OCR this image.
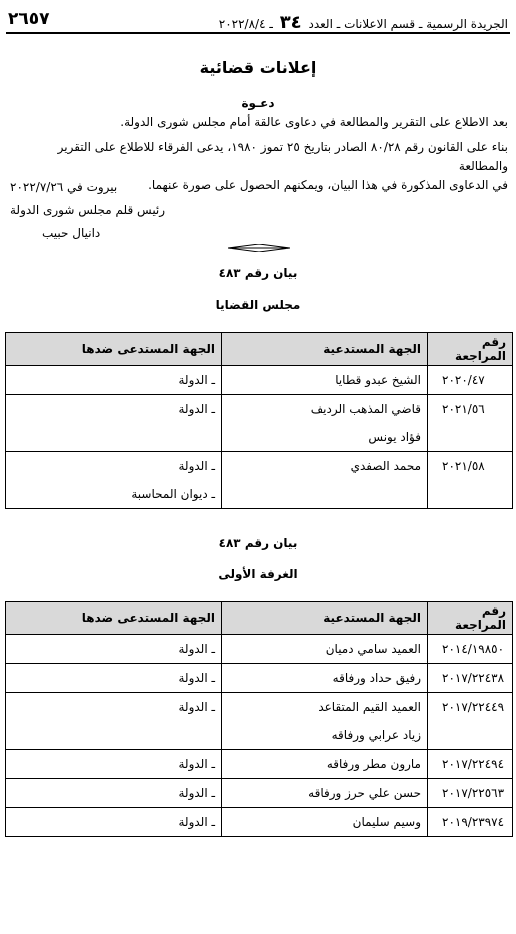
الجريدة الرسمية ـ قسم الاعلانات ـ العدد ٣٤ ـ ٢٠٢٢/٨/٤
٢٦٥٧
إعلانات قضائية
دعـوة
بعد الاطلاع على التقرير والمطالعة في دعاوى عالقة أمام مجلس شورى الدولة.
بناء على القانون رقم ٨٠/٢٨ الصادر بتاريخ ٢٥ تموز ١٩٨٠، يدعى الفرقاء للاطلاع على التقرير والمطالعة
في الدعاوى المذكورة في هذا البيان، ويمكنهم الحصول على صورة عنهما.
بيروت في ٢٠٢٢/٧/٢٦
رئيس قلم مجلس شورى الدولة
دانيال حبيب
بيان رقم ٤٨٣
مجلس القضايا
رقم المراجعة	الجهة المستدعية	الجهة المستدعى ضدها

٢٠٢٠/٤٧	الشيخ عبدو قطايا	ـ الدولة

٢٠٢١/٥٦	قاضي المذهب الرديف
فؤاد يونس	ـ الدولة

٢٠٢١/٥٨	محمد الصفدي	ـ الدولة
ـ ديوان المحاسبة
بيان رقم ٤٨٣
الغرفة الأولى
رقم المراجعة	الجهة المستدعية	الجهة المستدعى ضدها

٢٠١٤/١٩٨٥٠	العميد سامي دميان	ـ الدولة

٢٠١٧/٢٢٤٣٨	رفيق حداد ورفاقه	ـ الدولة

٢٠١٧/٢٢٤٤٩	العميد القيم المتقاعد
زياد عرابي ورفاقه	ـ الدولة

٢٠١٧/٢٢٤٩٤	مارون مطر ورفاقه	ـ الدولة

٢٠١٧/٢٢٥٦٣	حسن علي حرز ورفاقه	ـ الدولة

٢٠١٩/٢٣٩٧٤	وسيم سليمان	ـ الدولة
